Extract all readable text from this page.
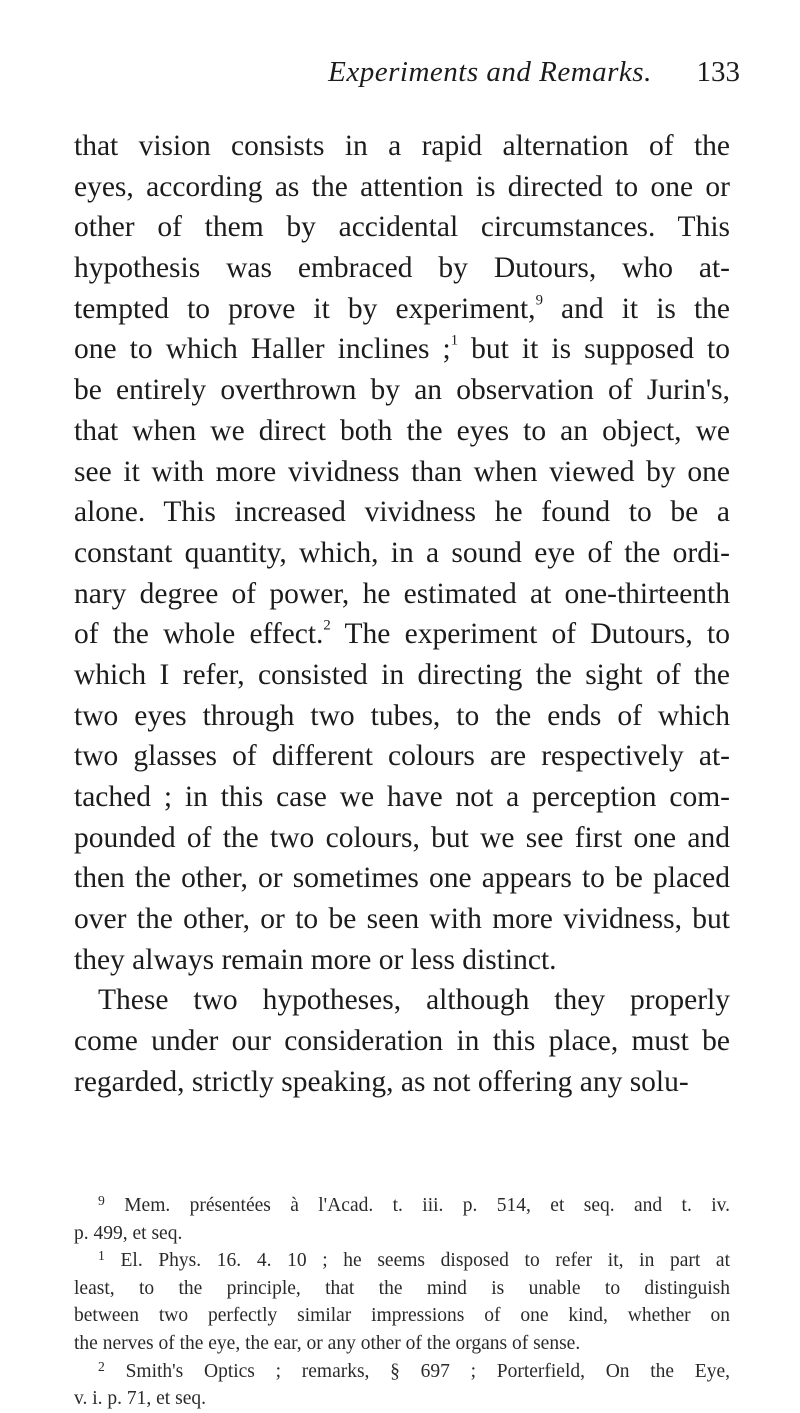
Experiments and Remarks.	133
that vision consists in a rapid alternation of the
eyes, according as the attention is directed to one or
other of them by accidental circumstances. This
hypothesis was embraced by Dutours, who at-
tempted to prove it by experiment,$^9$ and it is the
one to which Haller inclines ;$^1$ but it is supposed to
be entirely overthrown by an observation of Jurin's,
that when we direct both the eyes to an object, we
see it with more vividness than when viewed by one
alone. This increased vividness he found to be a
constant quantity, which, in a sound eye of the ordi-
nary degree of power, he estimated at one-thirteenth
of the whole effect.$^2$ The experiment of Dutours, to
which I refer, consisted in directing the sight of the
two eyes through two tubes, to the ends of which
two glasses of different colours are respectively at-
tached ; in this case we have not a perception com-
pounded of the two colours, but we see first one and
then the other, or sometimes one appears to be placed
over the other, or to be seen with more vividness, but
they always remain more or less distinct.
These two hypotheses, although they properly
come under our consideration in this place, must be
regarded, strictly speaking, as not offering any solu-
$^9$ Mem. présentées à l'Acad. t. iii. p. 514, et seq. and t. iv.
p. 499, et seq.
$^1$ El. Phys. 16. 4. 10 ; he seems disposed to refer it, in part at
least, to the principle, that the mind is unable to distinguish
between two perfectly similar impressions of one kind, whether on
the nerves of the eye, the ear, or any other of the organs of sense.
$^2$ Smith's Optics ; remarks, § 697 ; Porterfield, On the Eye,
v. i. p. 71, et seq.
